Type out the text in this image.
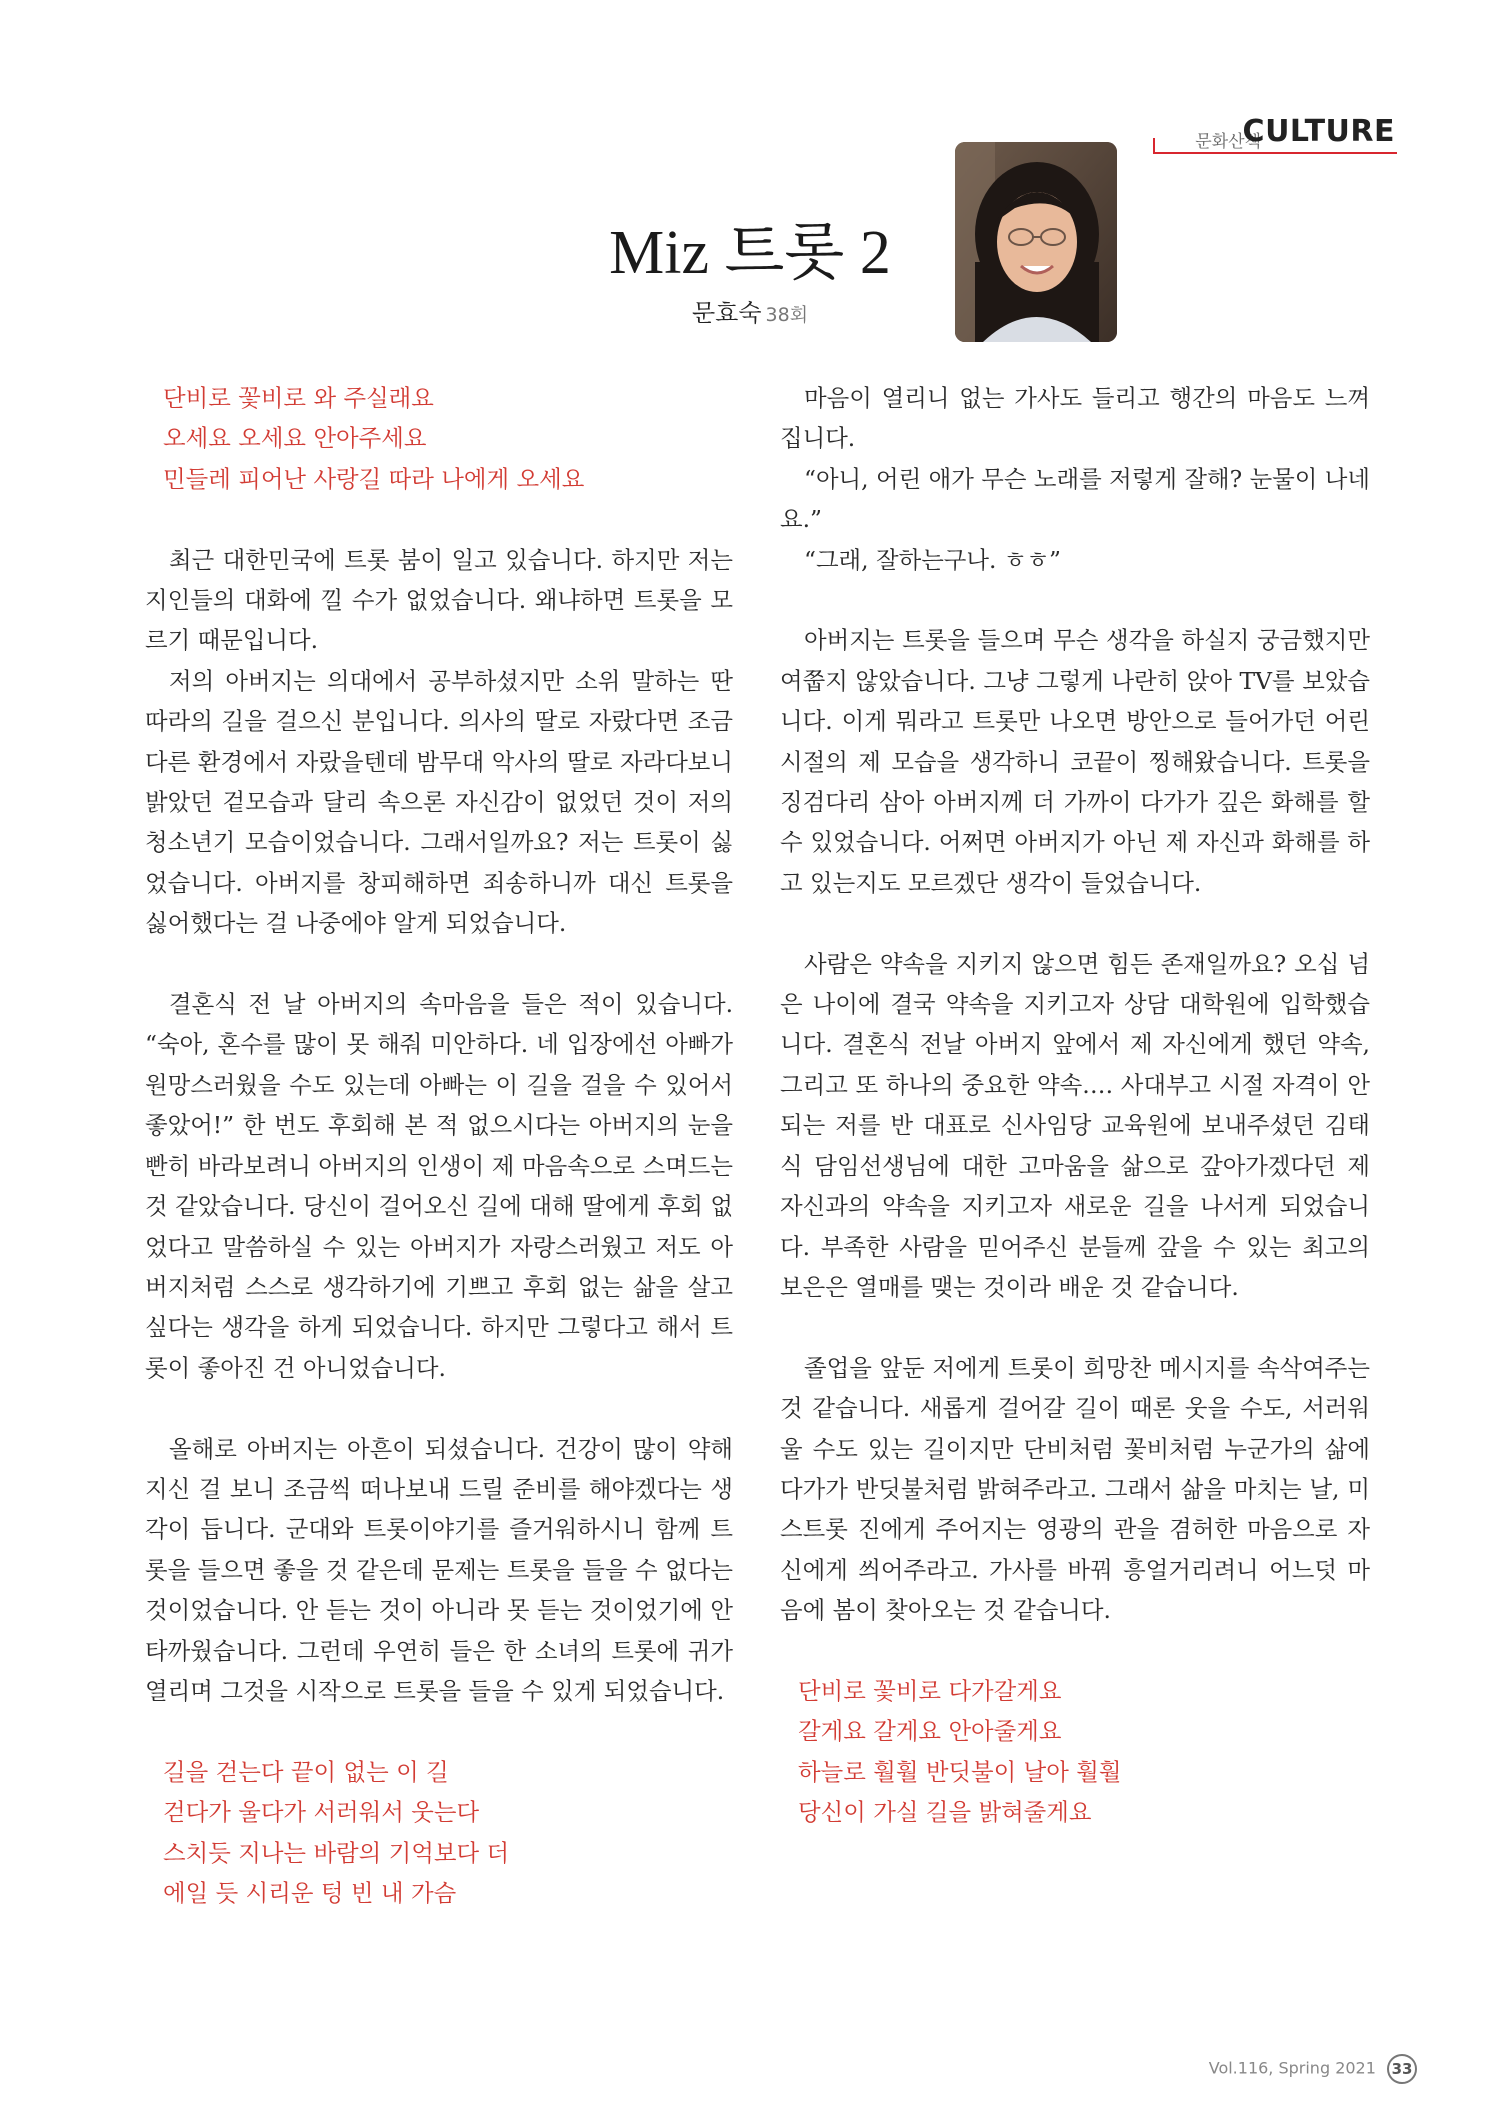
문화산책
CULTURE
Miz 트롯 2
문효숙 38회

단비로 꽃비로 와 주실래요

오세요 오세요 안아주세요

민들레 피어난 사랑길 따라 나에게 오세요

최근 대한민국에 트롯 붐이 일고 있습니다. 하지만 저는 지인들의 대화에 낄 수가 없었습니다. 왜냐하면 트롯을 모르기 때문입니다.

저의 아버지는 의대에서 공부하셨지만 소위 말하는 딴따라의 길을 걸으신 분입니다. 의사의 딸로 자랐다면 조금 다른 환경에서 자랐을텐데 밤무대 악사의 딸로 자라다보니 밝았던 겉모습과 달리 속으론 자신감이 없었던 것이 저의 청소년기 모습이었습니다. 그래서일까요? 저는 트롯이 싫었습니다. 아버지를 창피해하면 죄송하니까 대신 트롯을 싫어했다는 걸 나중에야 알게 되었습니다.

결혼식 전 날 아버지의 속마음을 들은 적이 있습니다. “숙아, 혼수를 많이 못 해줘 미안하다. 네 입장에선 아빠가 원망스러웠을 수도 있는데 아빠는 이 길을 걸을 수 있어서 좋았어!” 한 번도 후회해 본 적 없으시다는 아버지의 눈을 빤히 바라보려니 아버지의 인생이 제 마음속으로 스며드는 것 같았습니다. 당신이 걸어오신 길에 대해 딸에게 후회 없었다고 말씀하실 수 있는 아버지가 자랑스러웠고 저도 아버지처럼 스스로 생각하기에 기쁘고 후회 없는 삶을 살고 싶다는 생각을 하게 되었습니다. 하지만 그렇다고 해서 트롯이 좋아진 건 아니었습니다.

올해로 아버지는 아흔이 되셨습니다. 건강이 많이 약해지신 걸 보니 조금씩 떠나보내 드릴 준비를 해야겠다는 생각이 듭니다. 군대와 트롯이야기를 즐거워하시니 함께 트롯을 들으면 좋을 것 같은데 문제는 트롯을 들을 수 없다는 것이었습니다. 안 듣는 것이 아니라 못 듣는 것이었기에 안타까웠습니다. 그런데 우연히 들은 한 소녀의 트롯에 귀가 열리며 그것을 시작으로 트롯을 들을 수 있게 되었습니다.

길을 걷는다 끝이 없는 이 길

걷다가 울다가 서러워서 웃는다

스치듯 지나는 바람의 기억보다 더

에일 듯 시리운 텅 빈 내 가슴

마음이 열리니 없는 가사도 들리고 행간의 마음도 느껴집니다.

“아니, 어린 애가 무슨 노래를 저렇게 잘해? 눈물이 나네요.”

“그래, 잘하는구나. ㅎㅎ”

아버지는 트롯을 들으며 무슨 생각을 하실지 궁금했지만 여쭙지 않았습니다. 그냥 그렇게 나란히 앉아 TV를 보았습니다. 이게 뭐라고 트롯만 나오면 방안으로 들어가던 어린 시절의 제 모습을 생각하니 코끝이 찡해왔습니다. 트롯을 징검다리 삼아 아버지께 더 가까이 다가가 깊은 화해를 할 수 있었습니다. 어쩌면 아버지가 아닌 제 자신과 화해를 하고 있는지도 모르겠단 생각이 들었습니다.

사람은 약속을 지키지 않으면 힘든 존재일까요? 오십 넘은 나이에 결국 약속을 지키고자 상담 대학원에 입학했습니다. 결혼식 전날 아버지 앞에서 제 자신에게 했던 약속, 그리고 또 하나의 중요한 약속…. 사대부고 시절 자격이 안 되는 저를 반 대표로 신사임당 교육원에 보내주셨던 김태식 담임선생님에 대한 고마움을 삶으로 갚아가겠다던 제 자신과의 약속을 지키고자 새로운 길을 나서게 되었습니다. 부족한 사람을 믿어주신 분들께 갚을 수 있는 최고의 보은은 열매를 맺는 것이라 배운 것 같습니다.

졸업을 앞둔 저에게 트롯이 희망찬 메시지를 속삭여주는 것 같습니다. 새롭게 걸어갈 길이 때론 웃을 수도, 서러워 울 수도 있는 길이지만 단비처럼 꽃비처럼 누군가의 삶에 다가가 반딧불처럼 밝혀주라고. 그래서 삶을 마치는 날, 미스트롯 진에게 주어지는 영광의 관을 겸허한 마음으로 자신에게 씌어주라고. 가사를 바꿔 흥얼거리려니 어느덧 마음에 봄이 찾아오는 것 같습니다.

단비로 꽃비로 다가갈게요

갈게요 갈게요 안아줄게요

하늘로 훨훨 반딧불이 날아 훨훨

당신이 가실 길을 밝혀줄게요

Vol.116, Spring 2021 33
